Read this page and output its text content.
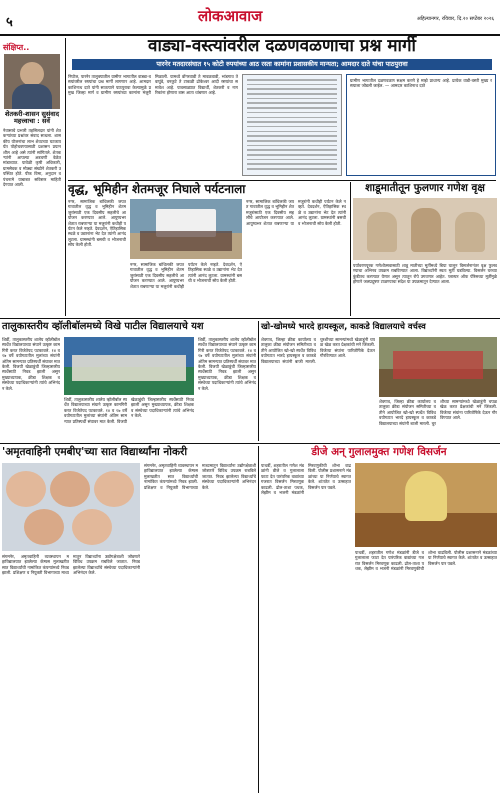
५	लोकआवाज	अहिल्यानगर, रविवार, दि.२० सप्टेंबर २०२६
संक्षिप्त..
शेतकरी-शासन सुसंवाद महत्त्वाचा : सर्वे
नेवासाचे प्रभारी तहसिलदार यांनी शेतकऱ्यांच्या प्रश्नांवर संवाद साधला. शासकीय योजनांचा लाभ शेवटच्या घटकापर्यंत पोहोचवण्यासाठी प्रशासन प्रयत्नशील आहे असे त्यांनी सांगितले. शेतकऱ्यांनी आपल्या अडचणी वेळेत मांडाव्यात. यावेळी कृषी अधिकारी, ग्रामसेवक व मोठ्या संख्येने शेतकरी उपस्थित होते. पीक विमा, अनुदान व पंचनामे याबाबत सविस्तर माहिती देण्यात आली.
वाड्या-वस्त्यांवरील दळणवळणाचा प्रश्न मार्गी
पारनेर मतदारसंघात १५ कोटी रुपयांच्या आठ रस्ता कामांना प्रशासकीय मान्यता; आमदार दाते यांचा पाठपुरावा
निघोज, पारनेर तालुक्यातील ग्रामीण भागातील वाड्या-वस्त्यांवरील रस्त्यांचा प्रश्न मार्गी लागणार आहे. आमदार काशिनाथ दाते यांनी सातत्याने पाठपुरावा केल्यामुळे प्रमुख जिल्हा मार्ग व ग्रामीण रस्त्यांच्या कामांना मंजुरी मिळाली. यामध्ये डोंगरवाडी ते मावळवाडी, भांडगाव ते वाघुंडे, वनकुटे ते टाकळी ढोकेश्वर आदी रस्त्यांचा समावेश आहे. पावसाळ्यात विद्यार्थी, शेतकरी व नागरिकांना होणारा त्रास आता थांबणार आहे.
ग्रामीण भागातील दळणवळण सक्षम करणे हे माझे प्राधान्य आहे. प्रत्येक वाडी-वस्ती मुख्य रस्त्याला जोडली जाईल. — आमदार काशिनाथ दाते
वृद्ध, भूमिहीन शेतमजूर निघाले पर्यटनाला
नगर, सामाजिक बांधिलकी जपत गावातील वृद्ध व भूमिहीन शेतमजुरांसाठी एक दिवसीय सहलीचे आयोजन करण्यात आले. आयुष्यभर शेतात राबणाऱ्या या मजुरांनी कधीही पर्यटन केले नव्हते. देवदर्शन, ऐतिहासिक स्थळे व उद्यानांना भेट देत त्यांनी आनंद लुटला. ग्रामस्थांनी बसची व भोजनाची सोय केली होती.
नगर, सामाजिक बांधिलकी जपत गावातील वृद्ध व भूमिहीन शेतमजुरांसाठी एक दिवसीय सहलीचे आयोजन करण्यात आले. आयुष्यभर शेतात राबणाऱ्या या मजुरांनी कधीही पर्यटन केले नव्हते. देवदर्शन, ऐतिहासिक स्थळे व उद्यानांना भेट देत त्यांनी आनंद लुटला. ग्रामस्थांनी बसची व भोजनाची सोय केली होती.
नगर, सामाजिक बांधिलकी जपत गावातील वृद्ध व भूमिहीन शेतमजुरांसाठी एक दिवसीय सहलीचे आयोजन करण्यात आले. आयुष्यभर शेतात राबणाऱ्या या मजुरांनी कधीही पर्यटन केले नव्हते. देवदर्शन, ऐतिहासिक स्थळे व उद्यानांना भेट देत त्यांनी आनंद लुटला. ग्रामस्थांनी बसची व भोजनाची सोय केली होती.
शाडूमातीतून फुलणार गणेश वृक्ष
पर्यावरणपूरक गणेशोत्सवासाठी शाडू मातीच्या मूर्तीमध्ये बिया घालून विसर्जनानंतर वृक्ष फुलवण्याचा अभिनव उपक्रम राबविण्यात आला. विद्यार्थ्यांनी स्वतः मूर्ती घडविल्या. विसर्जन घरच्या कुंडीतच करण्यात येणार असून त्यातून रोपे उगवणार आहेत. प्लास्टर ऑफ पॅरिसच्या मूर्तीमुळे होणारे जलप्रदूषण टाळण्याचा संदेश या उपक्रमातून देण्यात आला.
तालुकास्तरीय व्हॉलीबॉलमध्ये विखे पाटील विद्यालयाचे यश
शिर्डी, तालुकास्तरीय शालेय व्हॉलीबॉल स्पर्धेत विद्यालयाच्या संघाने उत्कृष्ट कामगिरी करत विजेतेपद पटकावले. १४ व १७ वर्षे वयोगटातील मुलांच्या संघांनी अंतिम सामन्यात प्रतिस्पर्धी संघावर मात केली. विजयी खेळाडूंची जिल्हास्तरीय स्पर्धेसाठी निवड झाली असून मुख्याध्यापक, क्रीडा शिक्षक व संस्थेच्या पदाधिकाऱ्यांनी त्यांचे अभिनंदन केले.
शिर्डी, तालुकास्तरीय शालेय व्हॉलीबॉल स्पर्धेत विद्यालयाच्या संघाने उत्कृष्ट कामगिरी करत विजेतेपद पटकावले. १४ व १७ वर्षे वयोगटातील मुलांच्या संघांनी अंतिम सामन्यात प्रतिस्पर्धी संघावर मात केली. विजयी खेळाडूंची जिल्हास्तरीय स्पर्धेसाठी निवड झाली असून मुख्याध्यापक, क्रीडा शिक्षक व संस्थेच्या पदाधिकाऱ्यांनी त्यांचे अभिनंदन केले.
शिर्डी, तालुकास्तरीय शालेय व्हॉलीबॉल स्पर्धेत विद्यालयाच्या संघाने उत्कृष्ट कामगिरी करत विजेतेपद पटकावले. १४ व १७ वर्षे वयोगटातील मुलांच्या संघांनी अंतिम सामन्यात प्रतिस्पर्धी संघावर मात केली. विजयी खेळाडूंची जिल्हास्तरीय स्पर्धेसाठी निवड झाली असून मुख्याध्यापक, क्रीडा शिक्षक व संस्थेच्या पदाधिकाऱ्यांनी त्यांचे अभिनंदन केले.
खो-खोमध्ये भारदे हायस्कूल, काकडे विद्यालयाचे वर्चस्व
शेवगाव, जिल्हा क्रीडा कार्यालय व तालुका क्रीडा संयोजन समितीच्या वतीने आयोजित खो-खो स्पर्धेत विविध वयोगटात भारदे हायस्कूल व काकडे विद्यालयाच्या संघांनी बाजी मारली. चुरशीच्या सामन्यांमध्ये खेळाडूंनी चपळ खेळ करत प्रेक्षकांची मने जिंकली. विजेत्या संघांना पारितोषिके देऊन गौरविण्यात आले.
शेवगाव, जिल्हा क्रीडा कार्यालय व तालुका क्रीडा संयोजन समितीच्या वतीने आयोजित खो-खो स्पर्धेत विविध वयोगटात भारदे हायस्कूल व काकडे विद्यालयाच्या संघांनी बाजी मारली. चुरशीच्या सामन्यांमध्ये खेळाडूंनी चपळ खेळ करत प्रेक्षकांची मने जिंकली. विजेत्या संघांना पारितोषिके देऊन गौरविण्यात आले.
'अमृतवाहिनी एमबीए'च्या सात विद्यार्थ्यांना नोकरी
संगमनेर, अमृतवाहिनी व्यवस्थापन महाविद्यालयात झालेल्या कॅम्पस मुलाखतीत सात विद्यार्थ्यांची नामांकित कंपन्यांमध्ये निवड झाली. प्रशिक्षण व नियुक्ती विभागाच्या माध्यमातून विद्यार्थ्यांना उद्योगक्षेत्राशी जोडणारे विविध उपक्रम राबविले जातात. निवड झालेल्या विद्यार्थ्यांचे संस्थेच्या पदाधिकाऱ्यांनी अभिनंदन केले.
संगमनेर, अमृतवाहिनी व्यवस्थापन महाविद्यालयात झालेल्या कॅम्पस मुलाखतीत सात विद्यार्थ्यांची नामांकित कंपन्यांमध्ये निवड झाली. प्रशिक्षण व नियुक्ती विभागाच्या माध्यमातून विद्यार्थ्यांना उद्योगक्षेत्राशी जोडणारे विविध उपक्रम राबविले जातात. निवड झालेल्या विद्यार्थ्यांचे संस्थेच्या पदाधिकाऱ्यांनी अभिनंदन केले.
डीजे अन् गुलालमुक्त गणेश विसर्जन
पाथर्डी, शहरातील गणेश मंडळांनी डीजे व गुलालाला फाटा देत पारंपरिक वाद्यांच्या गजरात विसर्जन मिरवणूक काढली. ढोल-ताशा पथक, लेझीम व भजनी मंडळांनी मिरवणुकीची शोभा वाढविली. पोलीस प्रशासनाने मंडळांच्या या निर्णयाचे स्वागत केले. शांततेत व उत्साहात विसर्जन पार पडले.
पाथर्डी, शहरातील गणेश मंडळांनी डीजे व गुलालाला फाटा देत पारंपरिक वाद्यांच्या गजरात विसर्जन मिरवणूक काढली. ढोल-ताशा पथक, लेझीम व भजनी मंडळांनी मिरवणुकीची शोभा वाढविली. पोलीस प्रशासनाने मंडळांच्या या निर्णयाचे स्वागत केले. शांततेत व उत्साहात विसर्जन पार पडले.
